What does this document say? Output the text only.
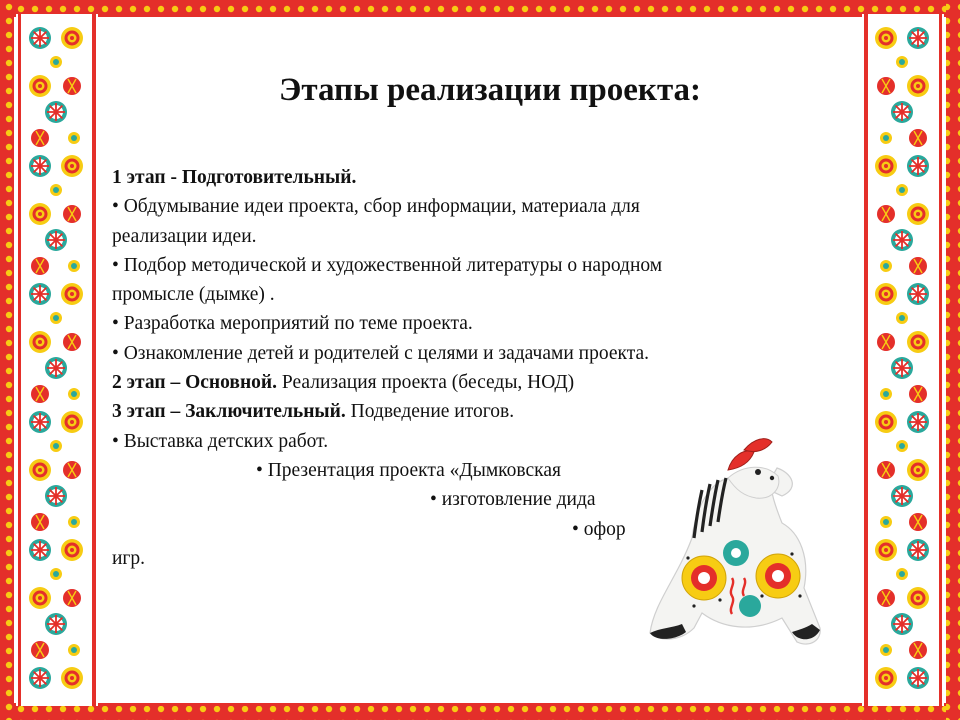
Этапы реализации проекта:
1 этап - Подготовительный.
• Обдумывание идеи проекта, сбор информации, материала для
реализации идеи.
• Подбор методической и художественной литературы о народном
промысле (дымке) .
• Разработка мероприятий по теме проекта.
• Ознакомление детей и родителей с целями и задачами проекта.
2 этап – Основной. Реализация проекта (беседы, НОД)
3 этап – Заключительный. Подведение итогов.
• Выставка детских работ.
• Презентация проекта «Дымковская
• изготовление дида
• офор
игр.
